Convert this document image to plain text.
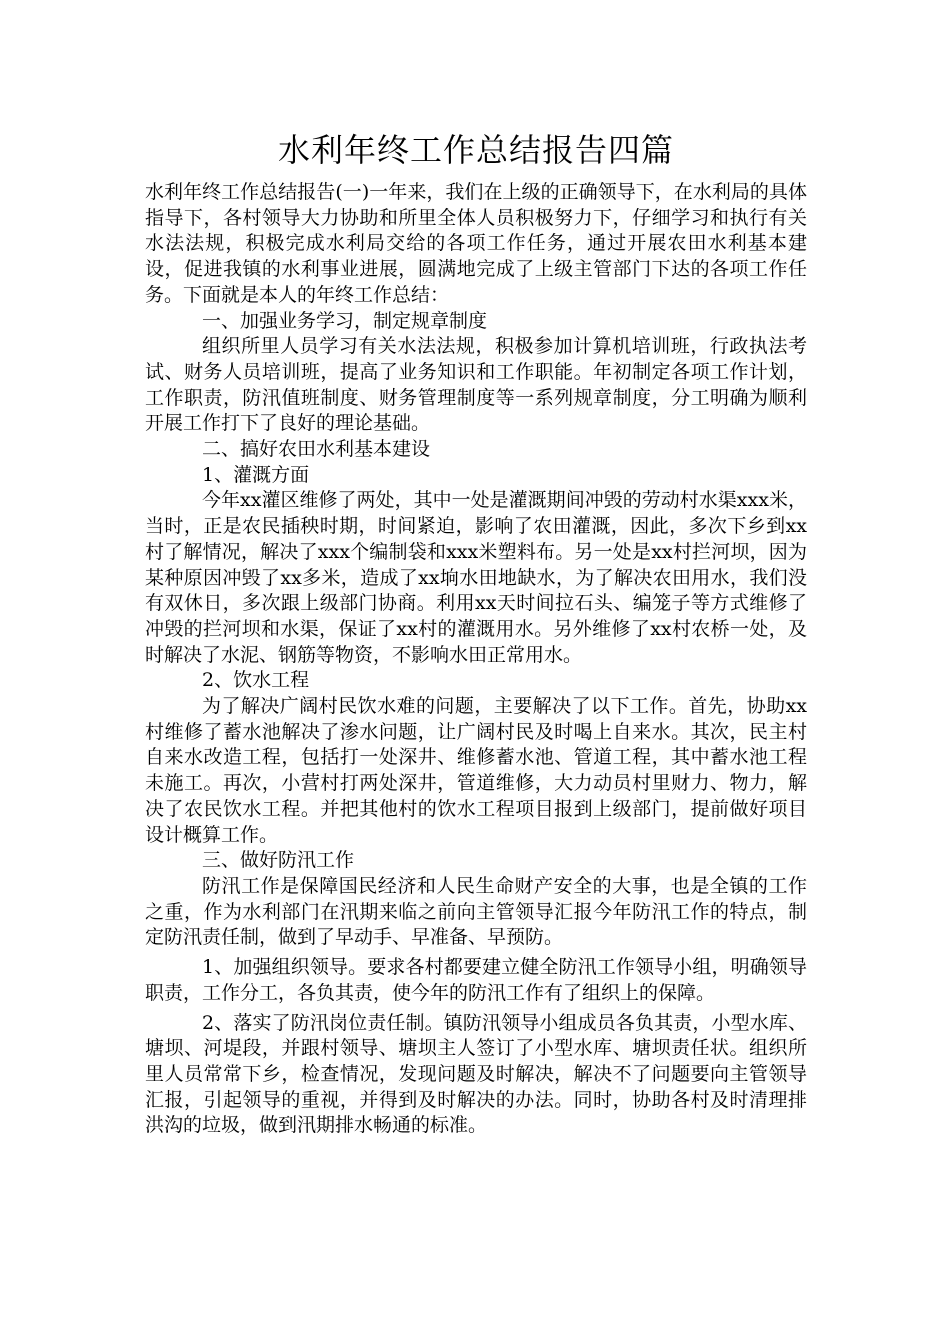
水利年终工作总结报告四篇

水利年终工作总结报告(一)一年来，我们在上级的正确领导下，在水利局的具体指导下，各村领导大力协助和所里全体人员积极努力下，仔细学习和执行有关水法法规，积极完成水利局交给的各项工作任务，通过开展农田水利基本建设，促进我镇的水利事业进展，圆满地完成了上级主管部门下达的各项工作任务。下面就是本人的年终工作总结：

一、加强业务学习，制定规章制度

组织所里人员学习有关水法法规，积极参加计算机培训班，行政执法考试、财务人员培训班，提高了业务知识和工作职能。年初制定各项工作计划，工作职责，防汛值班制度、财务管理制度等一系列规章制度，分工明确为顺利开展工作打下了良好的理论基础。

二、搞好农田水利基本建设

1、灌溉方面

今年xx灌区维修了两处，其中一处是灌溉期间冲毁的劳动村水渠xxx米，当时，正是农民插秧时期，时间紧迫，影响了农田灌溉，因此，多次下乡到xx村了解情况，解决了xxx个编制袋和xxx米塑料布。另一处是xx村拦河坝，因为某种原因冲毁了xx多米，造成了xx垧水田地缺水，为了解决农田用水，我们没有双休日，多次跟上级部门协商。利用xx天时间拉石头、编笼子等方式维修了冲毁的拦河坝和水渠，保证了xx村的灌溉用水。另外维修了xx村农桥一处，及时解决了水泥、钢筋等物资，不影响水田正常用水。

2、饮水工程

为了解决广阔村民饮水难的问题，主要解决了以下工作。首先，协助xx村维修了蓄水池解决了渗水问题，让广阔村民及时喝上自来水。其次，民主村自来水改造工程，包括打一处深井、维修蓄水池、管道工程，其中蓄水池工程未施工。再次，小营村打两处深井，管道维修，大力动员村里财力、物力，解决了农民饮水工程。并把其他村的饮水工程项目报到上级部门，提前做好项目设计概算工作。

三、做好防汛工作

防汛工作是保障国民经济和人民生命财产安全的大事，也是全镇的工作之重，作为水利部门在汛期来临之前向主管领导汇报今年防汛工作的特点，制定防汛责任制，做到了早动手、早准备、早预防。

1、加强组织领导。要求各村都要建立健全防汛工作领导小组，明确领导职责，工作分工，各负其责，使今年的防汛工作有了组织上的保障。

2、落实了防汛岗位责任制。镇防汛领导小组成员各负其责，小型水库、塘坝、河堤段，并跟村领导、塘坝主人签订了小型水库、塘坝责任状。组织所里人员常常下乡，检查情况，发现问题及时解决，解决不了问题要向主管领导汇报，引起领导的重视，并得到及时解决的办法。同时，协助各村及时清理排洪沟的垃圾，做到汛期排水畅通的标准。
